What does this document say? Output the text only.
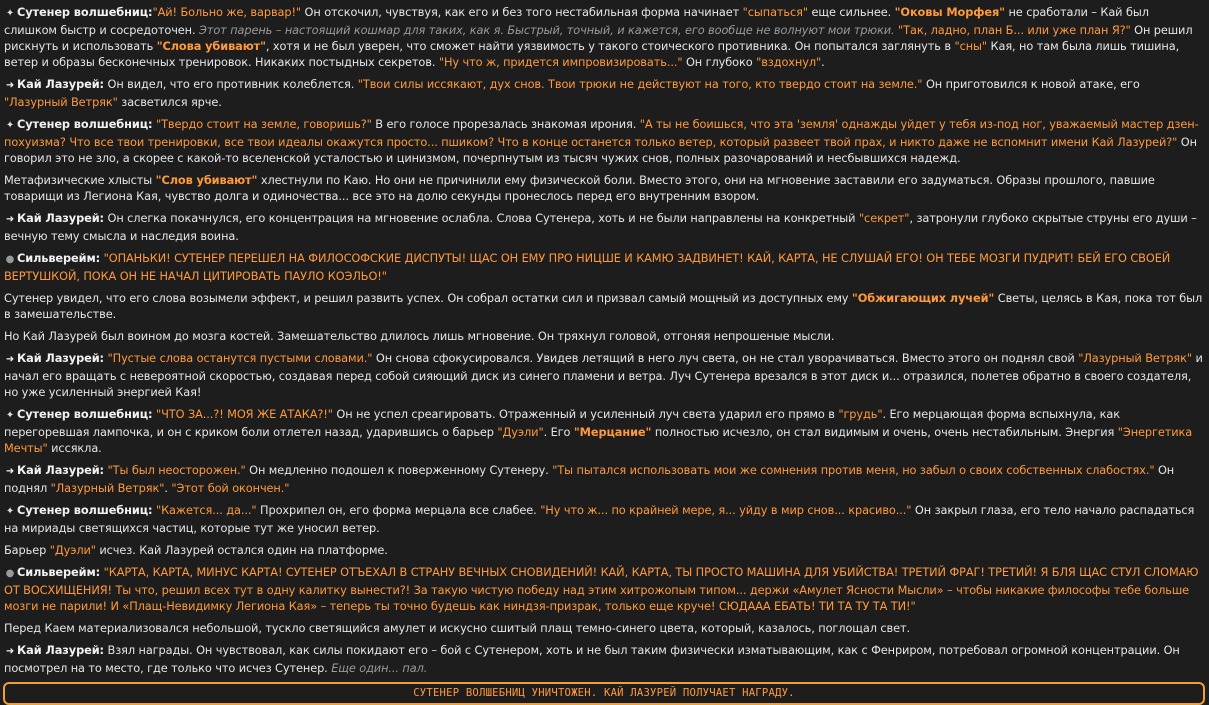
✦ Сутенер волшебниц:"Ай! Больно же, варвар!" Он отскочил, чувствуя, как его и без того нестабильная форма начинает "сыпаться" еще сильнее. "Оковы Морфея" не сработали – Кай был слишком быстр и сосредоточен. Этот парень – настоящий кошмар для таких, как я. Быстрый, точный, и кажется, его вообще не волнуют мои трюки. "Так, ладно, план Б... или уже план Я?" Он решил рискнуть и использовать "Слова убивают", хотя и не был уверен, что сможет найти уязвимость у такого стоического противника. Он попытался заглянуть в "сны" Кая, но там была лишь тишина, ветер и образы бесконечных тренировок. Никаких постыдных секретов. "Ну что ж, придется импровизировать..." Он глубоко "вздохнул".
➜ Кай Лазурей: Он видел, что его противник колеблется. "Твои силы иссякают, дух снов. Твои трюки не действуют на того, кто твердо стоит на земле." Он приготовился к новой атаке, его "Лазурный Ветряк" засветился ярче.
✦ Сутенер волшебниц: "Твердо стоит на земле, говоришь?" В его голосе прорезалась знакомая ирония. "А ты не боишься, что эта 'земля' однажды уйдет у тебя из-под ног, уважаемый мастер дзен-похуизма? Что все твои тренировки, все твои идеалы окажутся просто... пшиком? Что в конце останется только ветер, который развеет твой прах, и никто даже не вспомнит имени Кай Лазурей?" Он говорил это не зло, а скорее с какой-то вселенской усталостью и цинизмом, почерпнутым из тысяч чужих снов, полных разочарований и несбывшихся надежд.
Метафизические хлысты "Слов убивают" хлестнули по Каю. Но они не причинили ему физической боли. Вместо этого, они на мгновение заставили его задуматься. Образы прошлого, павшие товарищи из Легиона Кая, чувство долга и одиночества... все это на долю секунды пронеслось перед его внутренним взором.
➜ Кай Лазурей: Он слегка покачнулся, его концентрация на мгновение ослабла. Слова Сутенера, хоть и не были направлены на конкретный "секрет", затронули глубоко скрытые струны его души – вечную тему смысла и наследия воина.
● Сильверейм: "ОПАНЬКИ! СУТЕНЕР ПЕРЕШЕЛ НА ФИЛОСОФСКИЕ ДИСПУТЫ! ЩАС ОН ЕМУ ПРО НИЦШЕ И КАМЮ ЗАДВИНЕТ! КАЙ, КАРТА, НЕ СЛУШАЙ ЕГО! ОН ТЕБЕ МОЗГИ ПУДРИТ! БЕЙ ЕГО СВОЕЙ ВЕРТУШКОЙ, ПОКА ОН НЕ НАЧАЛ ЦИТИРОВАТЬ ПАУЛО КОЭЛЬО!"
Сутенер увидел, что его слова возымели эффект, и решил развить успех. Он собрал остатки сил и призвал самый мощный из доступных ему "Обжигающих лучей" Светы, целясь в Кая, пока тот был в замешательстве.
Но Кай Лазурей был воином до мозга костей. Замешательство длилось лишь мгновение. Он тряхнул головой, отгоняя непрошеные мысли.
➜ Кай Лазурей: "Пустые слова останутся пустыми словами." Он снова сфокусировался. Увидев летящий в него луч света, он не стал уворачиваться. Вместо этого он поднял свой "Лазурный Ветряк" и начал его вращать с невероятной скоростью, создавая перед собой сияющий диск из синего пламени и ветра. Луч Сутенера врезался в этот диск и... отразился, полетев обратно в своего создателя, но уже усиленный энергией Кая!
✦ Сутенер волшебниц: "ЧТО ЗА...?! МОЯ ЖЕ АТАКА?!" Он не успел среагировать. Отраженный и усиленный луч света ударил его прямо в "грудь". Его мерцающая форма вспыхнула, как перегоревшая лампочка, и он с криком боли отлетел назад, ударившись о барьер "Дуэли". Его "Мерцание" полностью исчезло, он стал видимым и очень, очень нестабильным. Энергия "Энергетика Мечты" иссякла.
➜ Кай Лазурей: "Ты был неосторожен." Он медленно подошел к поверженному Сутенеру. "Ты пытался использовать мои же сомнения против меня, но забыл о своих собственных слабостях." Он поднял "Лазурный Ветряк". "Этот бой окончен."
✦ Сутенер волшебниц: "Кажется... да..." Прохрипел он, его форма мерцала все слабее. "Ну что ж... по крайней мере, я... уйду в мир снов... красиво..." Он закрыл глаза, его тело начало распадаться на мириады светящихся частиц, которые тут же уносил ветер.
Барьер "Дуэли" исчез. Кай Лазурей остался один на платформе.
● Сильверейм: "КАРТА, КАРТА, МИНУС КАРТА! СУТЕНЕР ОТЪЕХАЛ В СТРАНУ ВЕЧНЫХ СНОВИДЕНИЙ! КАЙ, КАРТА, ТЫ ПРОСТО МАШИНА ДЛЯ УБИЙСТВА! ТРЕТИЙ ФРАГ! ТРЕТИЙ! Я БЛЯ ЩАС СТУЛ СЛОМАЮ ОТ ВОСХИЩЕНИЯ! Ты что, решил всех тут в одну калитку вынести?! За такую чистую победу над этим хитрожопым типом... держи «Амулет Ясности Мысли» – чтобы никакие философы тебе больше мозги не парили! И «Плащ-Невидимку Легиона Кая» – теперь ты точно будешь как ниндзя-призрак, только еще круче! СЮДААА ЕБАТЬ! ТИ ТА ТУ ТА ТИ!"
Перед Каем материализовался небольшой, тускло светящийся амулет и искусно сшитый плащ темно-синего цвета, который, казалось, поглощал свет.
➜ Кай Лазурей: Взял награды. Он чувствовал, как силы покидают его – бой с Сутенером, хоть и не был таким физически изматывающим, как с Фенриром, потребовал огромной концентрации. Он посмотрел на то место, где только что исчез Сутенер. Еще один... пал.
СУТЕНЕР ВОЛШЕБНИЦ УНИЧТОЖЕН. КАЙ ЛАЗУРЕЙ ПОЛУЧАЕТ НАГРАДУ.
